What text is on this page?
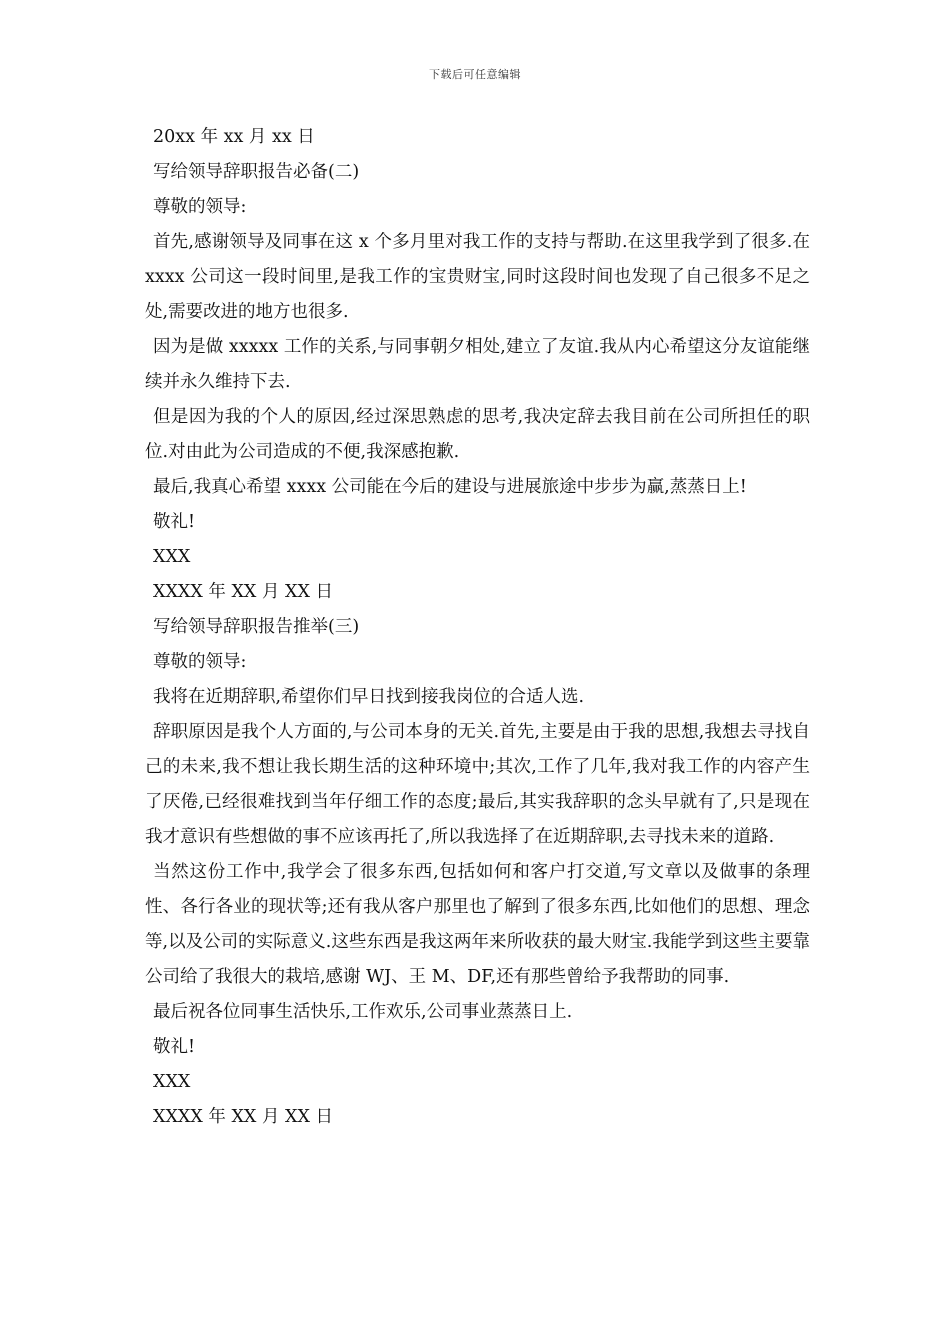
下载后可任意编辑

20xx 年 xx 月 xx 日

写给领导辞职报告必备(二)

尊敬的领导:

首先,感谢领导及同事在这 x 个多月里对我工作的支持与帮助.在这里我学到了很多.在 xxxx 公司这一段时间里,是我工作的宝贵财宝,同时这段时间也发现了自己很多不足之处,需要改进的地方也很多.

因为是做 xxxxx 工作的关系,与同事朝夕相处,建立了友谊.我从内心希望这分友谊能继续并永久维持下去.

但是因为我的个人的原因,经过深思熟虑的思考,我决定辞去我目前在公司所担任的职位.对由此为公司造成的不便,我深感抱歉.

最后,我真心希望 xxxx 公司能在今后的建设与进展旅途中步步为赢,蒸蒸日上!

敬礼!

XXX

XXXX 年 XX 月 XX 日

写给领导辞职报告推举(三)

尊敬的领导:

我将在近期辞职,希望你们早日找到接我岗位的合适人选.

辞职原因是我个人方面的,与公司本身的无关.首先,主要是由于我的思想,我想去寻找自己的未来,我不想让我长期生活的这种环境中;其次,工作了几年,我对我工作的内容产生了厌倦,已经很难找到当年仔细工作的态度;最后,其实我辞职的念头早就有了,只是现在我才意识有些想做的事不应该再托了,所以我选择了在近期辞职,去寻找未来的道路.

当然这份工作中,我学会了很多东西,包括如何和客户打交道,写文章以及做事的条理性、各行各业的现状等;还有我从客户那里也了解到了很多东西,比如他们的思想、理念等,以及公司的实际意义.这些东西是我这两年来所收获的最大财宝.我能学到这些主要靠公司给了我很大的栽培,感谢 WJ、王 M、DF,还有那些曾给予我帮助的同事.

最后祝各位同事生活快乐,工作欢乐,公司事业蒸蒸日上.

敬礼!

XXX

XXXX 年 XX 月 XX 日
